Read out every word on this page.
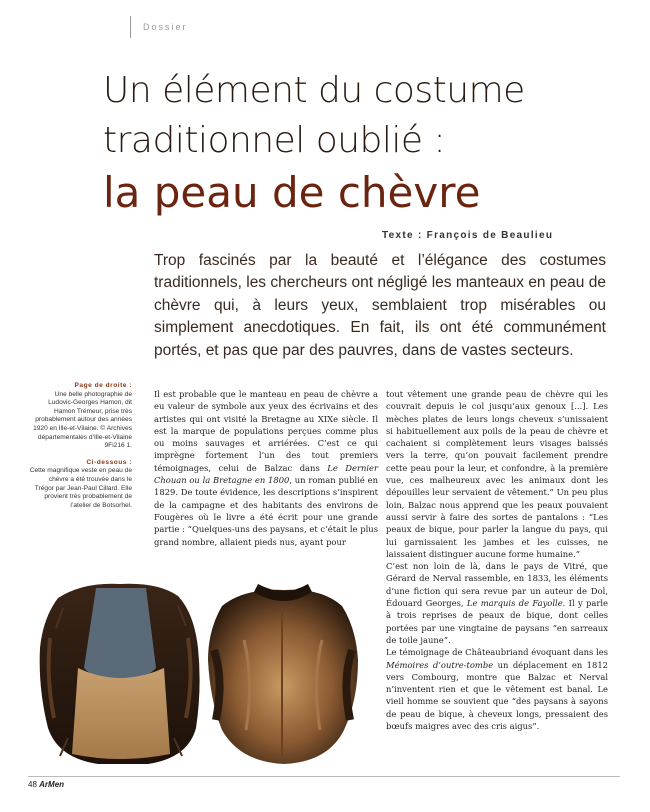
Dossier
Un élément du costume
traditionnel oublié :
la peau de chèvre
Texte : François de Beaulieu
Trop fascinés par la beauté et l’élégance des costumes traditionnels, les chercheurs ont négligé les manteaux en peau de chèvre qui, à leurs yeux, semblaient trop misérables ou simplement anecdotiques. En fait, ils ont été communément portés, et pas que par des pauvres, dans de vastes secteurs.
Page de droite :
Une belle photographie de Ludovic-Georges Hamon, dit Hamon Trémeur, prise très probablement autour des années 1920 en Ille-et-Vilaine. © Archives départementales d’Ille-et-Vilaine 9Fi216 1.
Ci-dessous :
Cette magnifique veste en peau de chèvre a été trouvée dans le Trégor par Jean-Paul Cillard. Elle provient très probablement de l’atelier de Botsorhel.

Il est probable que le manteau en peau de chèvre a eu valeur de symbole aux yeux des écrivains et des artistes qui ont visité la Bretagne au XIXe siècle. Il est la marque de populations perçues comme plus ou moins sauvages et arriérées. C’est ce qui imprègne fortement l’un des tout premiers témoignages, celui de Balzac dans Le Dernier Chouan ou la Bretagne en 1800, un roman publié en 1829. De toute évidence, les descriptions s’inspirent de la campagne et des habitants des environs de Fougères où le livre a été écrit pour une grande partie : “Quelques-uns des paysans, et c’était le plus grand nombre, allaient pieds nus, ayant pour

tout vêtement une grande peau de chèvre qui les couvrait depuis le col jusqu’aux genoux [...]. Les mèches plates de leurs longs cheveux s’unissaient si habituellement aux poils de la peau de chèvre et cachaient si complètement leurs visages baissés vers la terre, qu’on pouvait facilement prendre cette peau pour la leur, et confondre, à la première vue, ces malheureux avec les animaux dont les dépouilles leur servaient de vêtement.” Un peu plus loin, Balzac nous apprend que les peaux pouvaient aussi servir à faire des sortes de pantalons : “Les peaux de bique, pour parler la langue du pays, qui lui garnissaient les jambes et les cuisses, ne laissaient distinguer aucune forme humaine.”

C’est non loin de là, dans le pays de Vitré, que Gérard de Nerval rassemble, en 1833, les éléments d’une fiction qui sera revue par un auteur de Dol, Édouard Georges, Le marquis de Fayolle. Il y parle à trois reprises de peaux de bique, dont celles portées par une vingtaine de paysans “en sarreaux de toile jaune”.

Le témoignage de Châteaubriand évoquant dans les Mémoires d’outre-tombe un déplacement en 1812 vers Combourg, montre que Balzac et Nerval n’inventent rien et que le vêtement est banal. Le vieil homme se souvient que “des paysans à sayons de peau de bique, à cheveux longs, pressaient des bœufs maigres avec des cris aigus”.

48 ArMen
